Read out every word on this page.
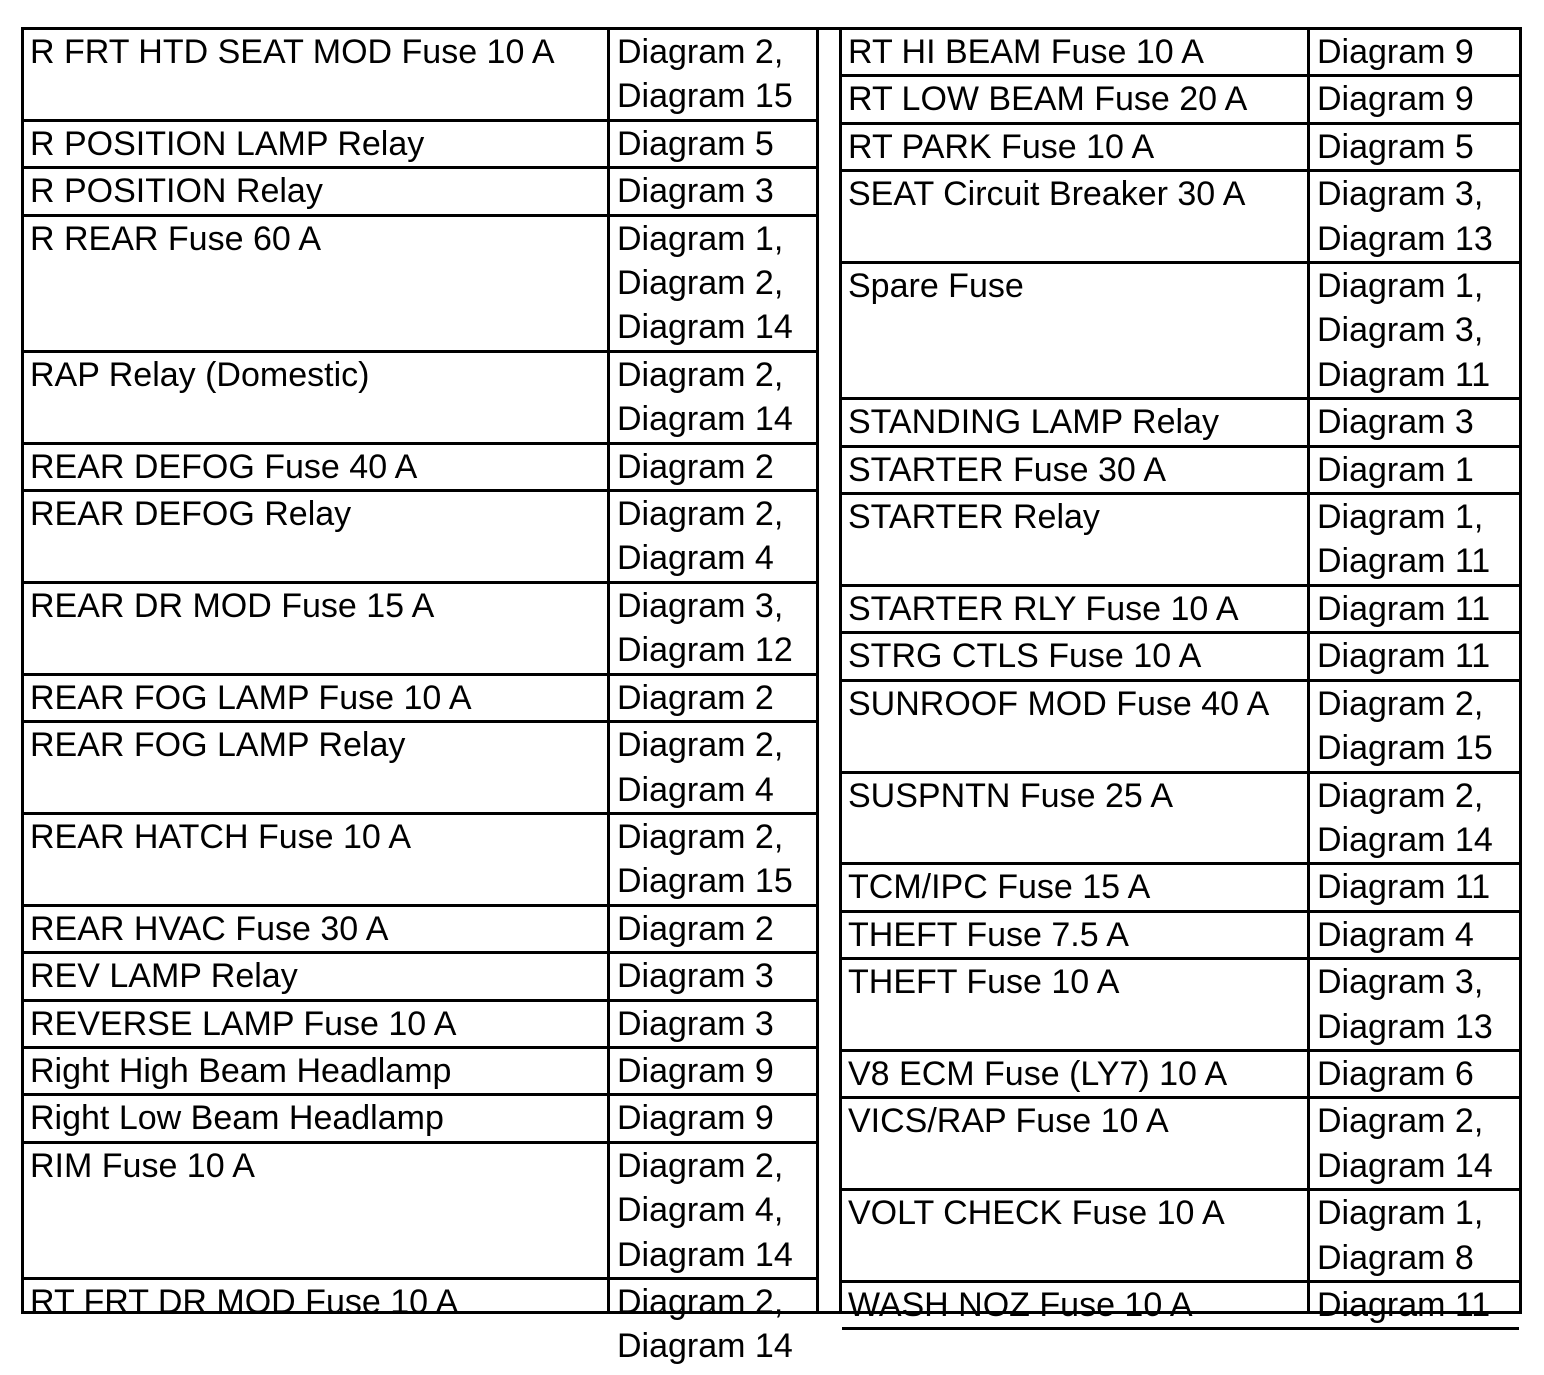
R FRT HTD SEAT MOD Fuse 10 A	Diagram 2,
Diagram 15
R POSITION LAMP Relay	Diagram 5
R POSITION Relay	Diagram 3
R REAR Fuse 60 A	Diagram 1,
Diagram 2,
Diagram 14
RAP Relay (Domestic)	Diagram 2,
Diagram 14
REAR DEFOG Fuse 40 A	Diagram 2
REAR DEFOG Relay	Diagram 2,
Diagram 4
REAR DR MOD Fuse 15 A	Diagram 3,
Diagram 12
REAR FOG LAMP Fuse 10 A	Diagram 2
REAR FOG LAMP Relay	Diagram 2,
Diagram 4
REAR HATCH Fuse 10 A	Diagram 2,
Diagram 15
REAR HVAC Fuse 30 A	Diagram 2
REV LAMP Relay	Diagram 3
REVERSE LAMP Fuse 10 A	Diagram 3
Right High Beam Headlamp	Diagram 9
Right Low Beam Headlamp	Diagram 9
RIM Fuse 10 A	Diagram 2,
Diagram 4,
Diagram 14
RT FRT DR MOD Fuse 10 A	Diagram 2,
Diagram 14
RT HI BEAM Fuse 10 A	Diagram 9
RT LOW BEAM Fuse 20 A	Diagram 9
RT PARK Fuse 10 A	Diagram 5
SEAT Circuit Breaker 30 A	Diagram 3,
Diagram 13
Spare Fuse	Diagram 1,
Diagram 3,
Diagram 11
STANDING LAMP Relay	Diagram 3
STARTER Fuse 30 A	Diagram 1
STARTER Relay	Diagram 1,
Diagram 11
STARTER RLY Fuse 10 A	Diagram 11
STRG CTLS Fuse 10 A	Diagram 11
SUNROOF MOD Fuse 40 A	Diagram 2,
Diagram 15
SUSPNTN Fuse 25 A	Diagram 2,
Diagram 14
TCM/IPC Fuse 15 A	Diagram 11
THEFT Fuse 7.5 A	Diagram 4
THEFT Fuse 10 A	Diagram 3,
Diagram 13
V8 ECM Fuse (LY7) 10 A	Diagram 6
VICS/RAP Fuse 10 A	Diagram 2,
Diagram 14
VOLT CHECK Fuse 10 A	Diagram 1,
Diagram 8
WASH NOZ Fuse 10 A	Diagram 11
